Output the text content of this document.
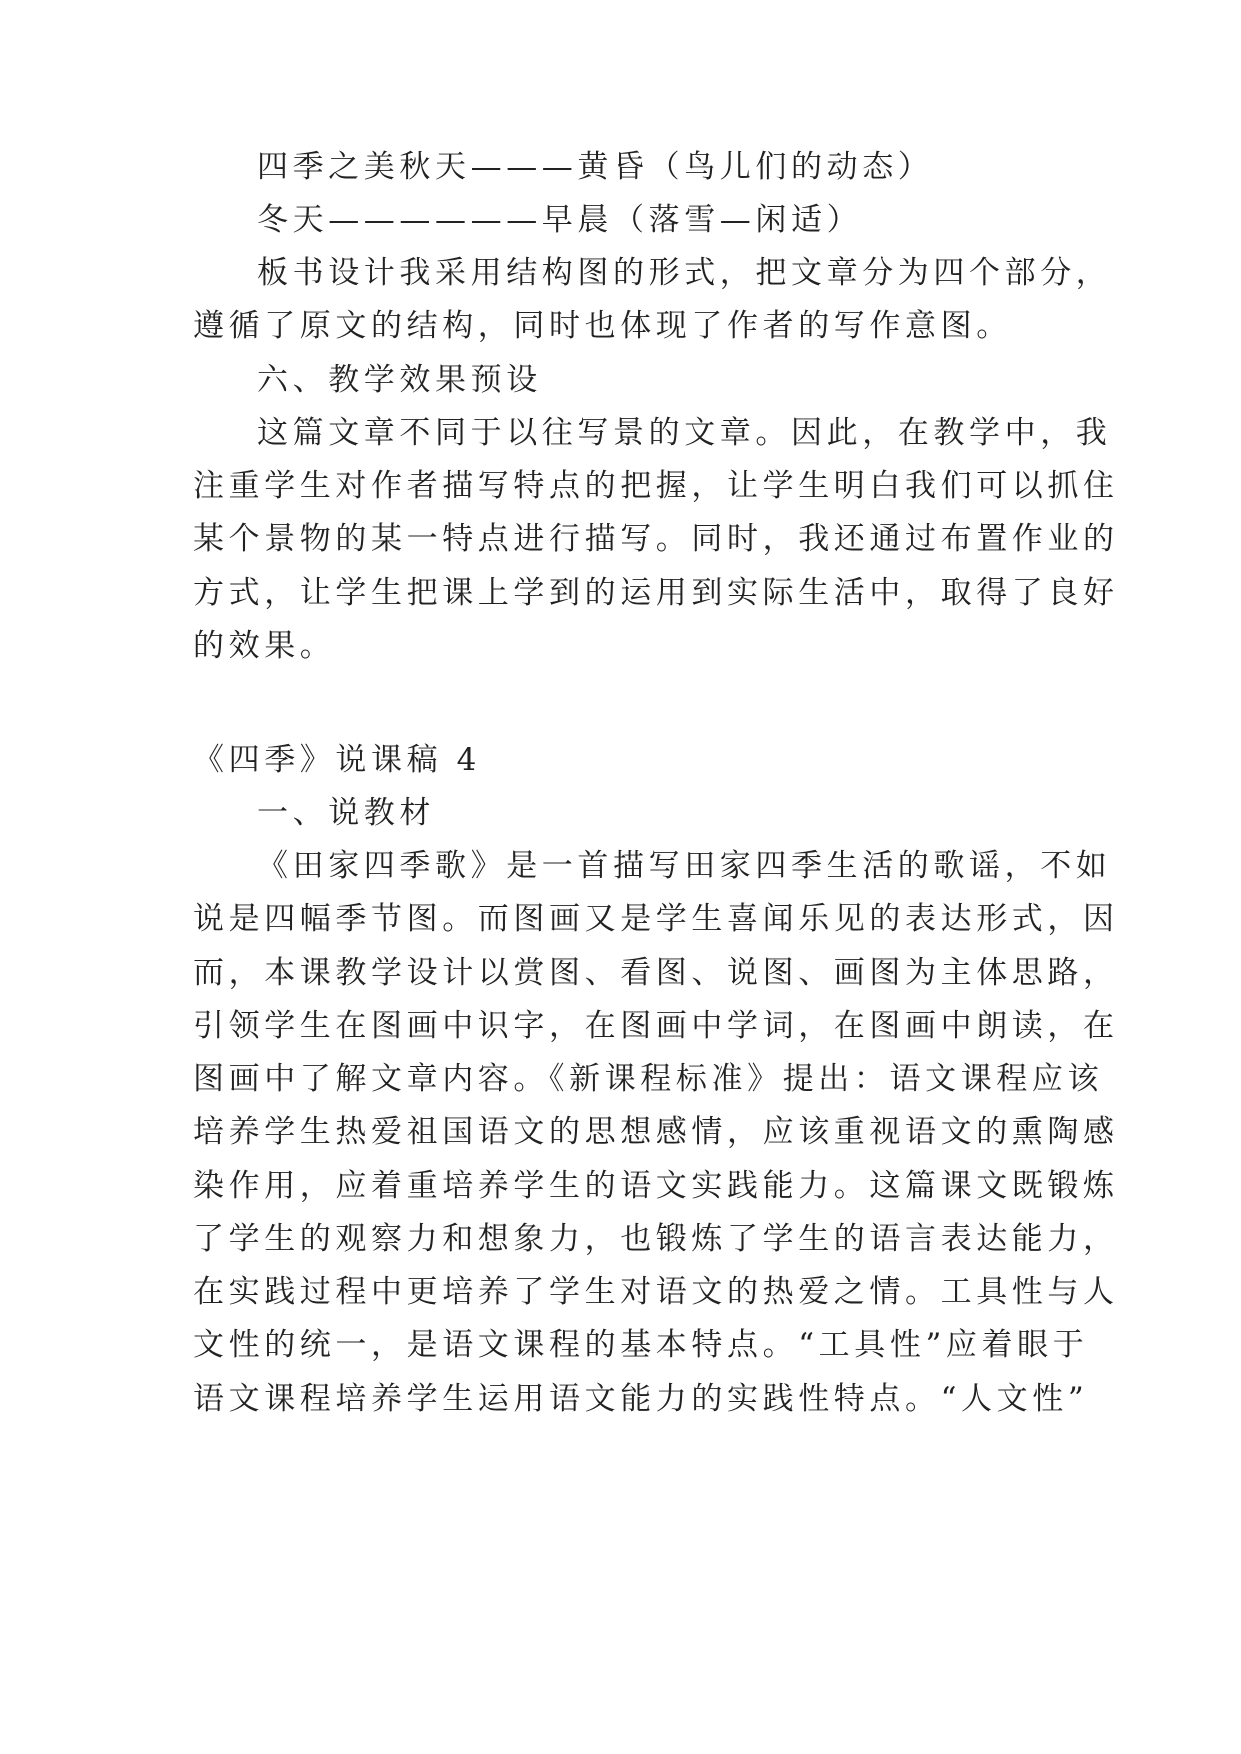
四季之美秋天———黄昏（鸟儿们的动态）
冬天——————早晨（落雪—闲适）
板书设计我采用结构图的形式，把文章分为四个部分，
遵循了原文的结构，同时也体现了作者的写作意图。
六、教学效果预设
这篇文章不同于以往写景的文章。因此，在教学中，我
注重学生对作者描写特点的把握，让学生明白我们可以抓住
某个景物的某一特点进行描写。同时，我还通过布置作业的
方式，让学生把课上学到的运用到实际生活中，取得了良好
的效果。
《四季》说课稿 4
一、说教材
《田家四季歌》是一首描写田家四季生活的歌谣，不如
说是四幅季节图。而图画又是学生喜闻乐见的表达形式，因
而，本课教学设计以赏图、看图、说图、画图为主体思路，
引领学生在图画中识字，在图画中学词，在图画中朗读，在
图画中了解文章内容。《新课程标准》提出：语文课程应该
培养学生热爱祖国语文的思想感情，应该重视语文的熏陶感
染作用，应着重培养学生的语文实践能力。这篇课文既锻炼
了学生的观察力和想象力，也锻炼了学生的语言表达能力，
在实践过程中更培养了学生对语文的热爱之情。工具性与人
文性的统一，是语文课程的基本特点。“工具性”应着眼于
语文课程培养学生运用语文能力的实践性特点。“人文性”
